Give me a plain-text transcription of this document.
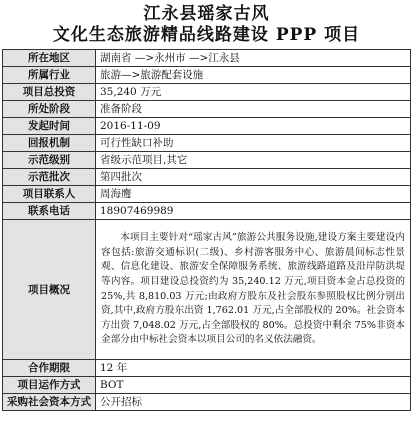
江永县瑶家古风
文化生态旅游精品线路建设 PPP 项目
所在地区	湖南省 —>永州市 —>江永县
所属行业	旅游—>旅游配套设施
项目总投资	35,240 万元
所处阶段	准备阶段
发起时间	2016-11-09
回报机制	可行性缺口补助
示范级别	省级示范项目,其它
示范批次	第四批次
项目联系人	周海鹰
联系电话	18907469989
项目概况	本项目主要针对“瑶家古风”旅游公共服务设施,建设方案主要建设内容包括:旅游交通标识(二级)、乡村游客服务中心、旅游晨间标志性景观、信息化建设、旅游安全保障服务系统、旅游线路道路及沿岸防洪堤等内容。项目建设总投资约为 35,240.12 万元,项目资本金占总投资的 25%,共 8,810.03 万元;由政府方股东及社会股东参照股权比例分别出资,其中,政府方股东出资 1,762.01 万元,占全部股权的 20%。社会资本方出资 7,048.02 万元,占全部股权的 80%。总投资中剩余 75%非资本金部分由中标社会资本以项目公司的名义依法融资。
合作期限	12 年
项目运作方式	BOT
采购社会资本方式	公开招标
